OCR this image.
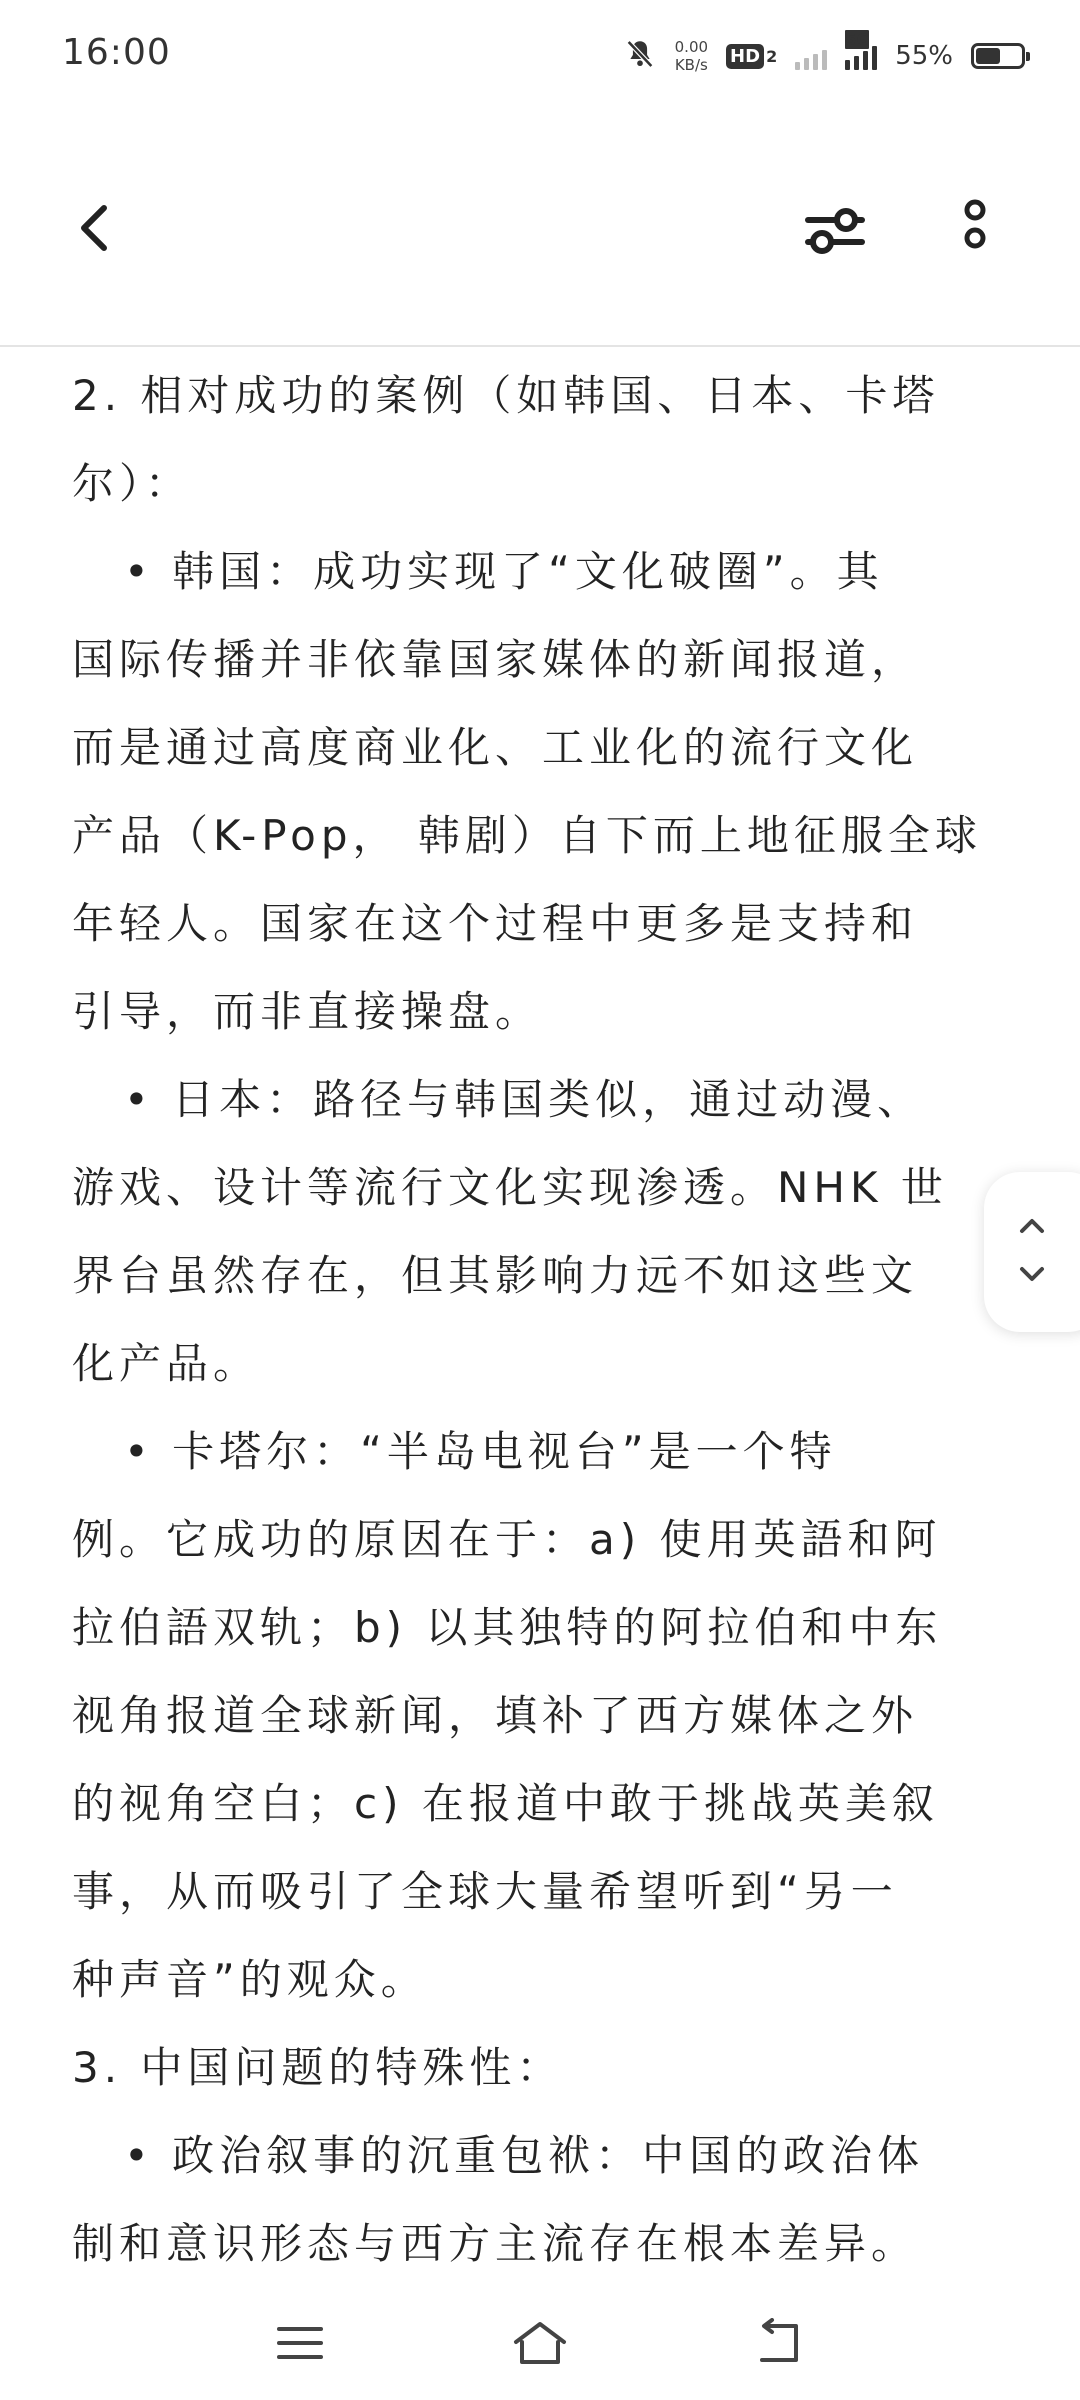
16:00	0.00
KB/s HD 2
5G
55%
2. 相对成功的案例（如韩国、日本、卡塔
尔）：
• 韩国：成功实现了“文化破圈”。其
国际传播并非依靠国家媒体的新闻报道，
而是通过高度商业化、工业化的流行文化
产品（K-Pop， 韩剧）自下而上地征服全球
年轻人。国家在这个过程中更多是支持和
引导，而非直接操盘。
• 日本：路径与韩国类似，通过动漫、
游戏、设计等流行文化实现渗透。NHK 世
界台虽然存在，但其影响力远不如这些文
化产品。
• 卡塔尔：“半岛电视台”是一个特
例。它成功的原因在于：a) 使用英語和阿
拉伯語双轨；b) 以其独特的阿拉伯和中东
视角报道全球新闻，填补了西方媒体之外
的视角空白；c) 在报道中敢于挑战英美叙
事，从而吸引了全球大量希望听到“另一
种声音”的观众。
3. 中国问题的特殊性：
• 政治叙事的沉重包袱：中国的政治体
制和意识形态与西方主流存在根本差异。
